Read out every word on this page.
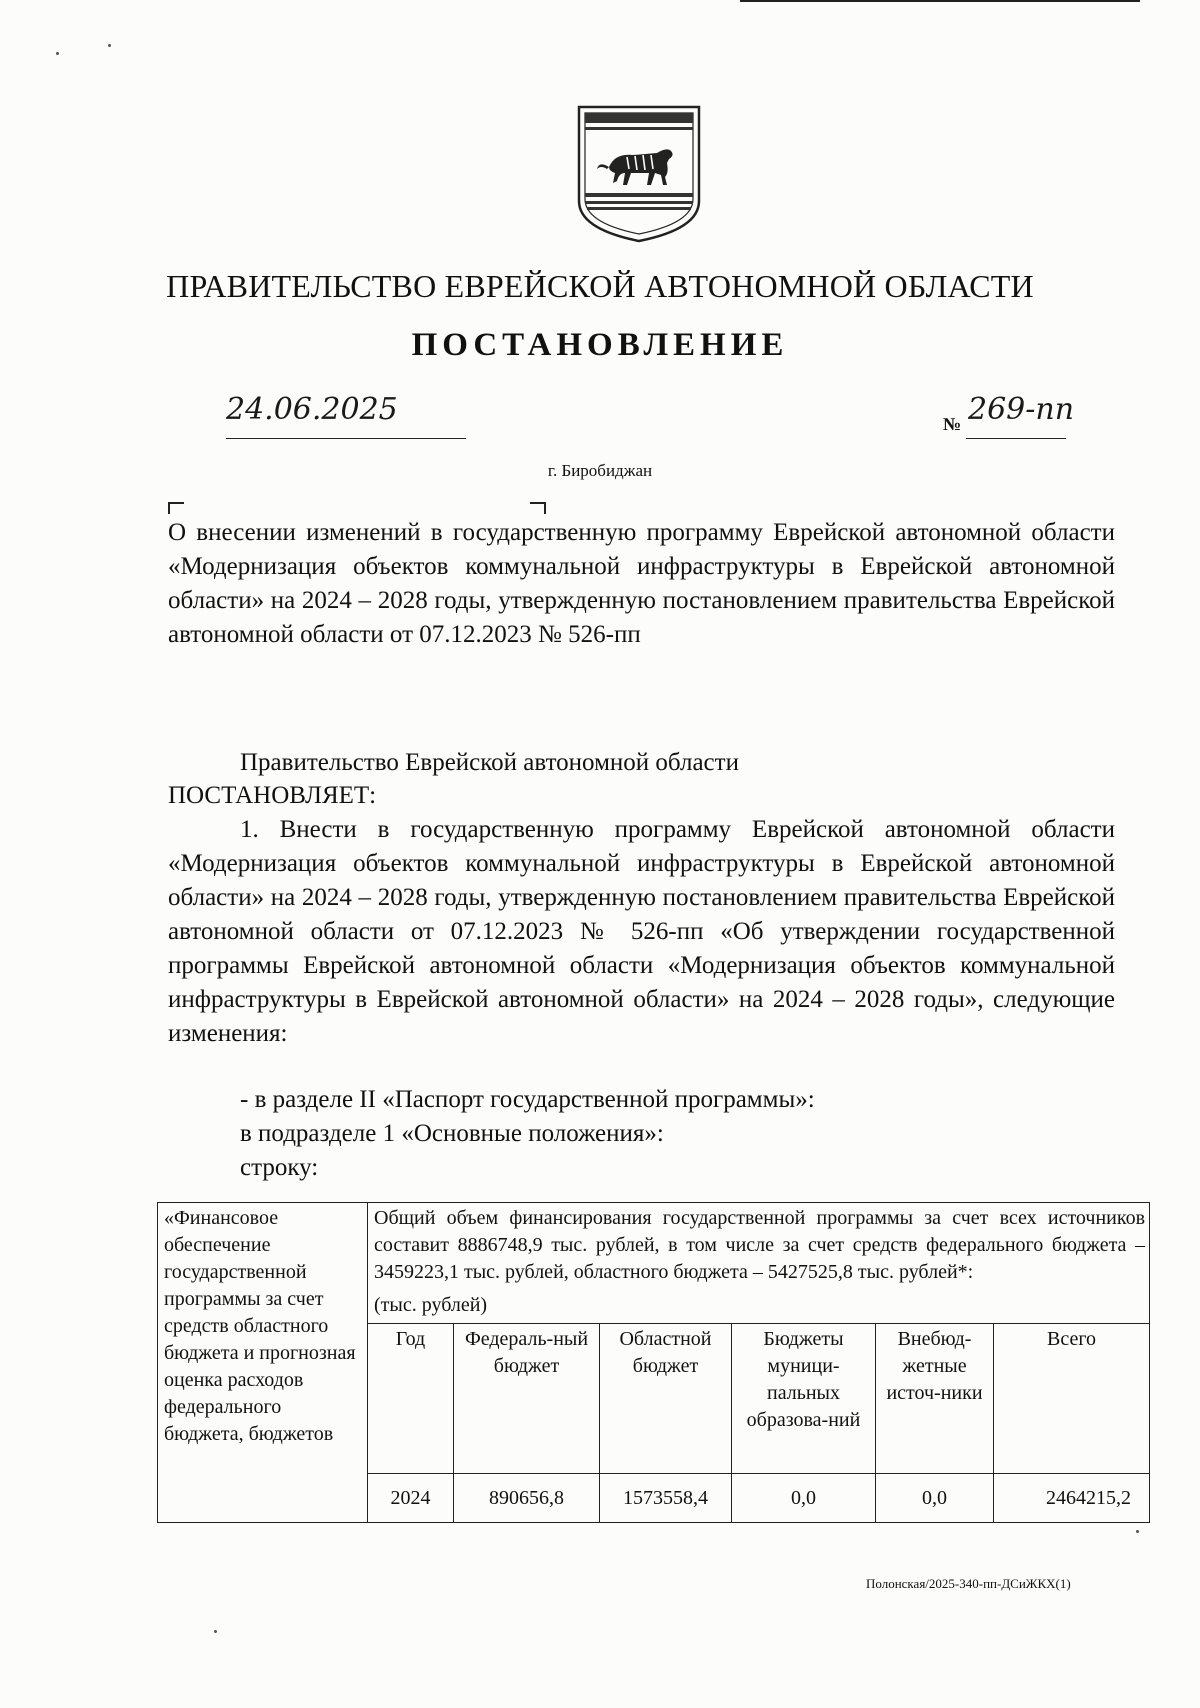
ПРАВИТЕЛЬСТВО ЕВРЕЙСКОЙ АВТОНОМНОЙ ОБЛАСТИ
ПОСТАНОВЛЕНИЕ
24.06.2025	№ 269-пп
г. Биробиджан
О внесении изменений в государственную программу Еврейской автономной области «Модернизация объектов коммунальной инфраструктуры в Еврейской автономной области» на 2024 – 2028 годы, утвержденную постановлением правительства Еврейской автономной области от 07.12.2023 № 526-пп
Правительство Еврейской автономной области
ПОСТАНОВЛЯЕТ:
1. Внести в государственную программу Еврейской автономной области «Модернизация объектов коммунальной инфраструктуры в Еврейской автономной области» на 2024 – 2028 годы, утвержденную постановлением правительства Еврейской автономной области от 07.12.2023 № 526-пп «Об утверждении государственной программы Еврейской автономной области «Модернизация объектов коммунальной инфраструктуры в Еврейской автономной области» на 2024 – 2028 годы», следующие изменения:
- в разделе II «Паспорт государственной программы»:
в подразделе 1 «Основные положения»:
строку:
«Финансовое обеспечение государственной программы за счет средств областного бюджета и прогнозная оценка расходов федерального бюджета, бюджетов	Общий объем финансирования государственной программы за счет всех источников составит 8886748,9 тыс. рублей, в том числе за счет средств федерального бюджета – 3459223,1 тыс. рублей, областного бюджета – 5427525,8 тыс. рублей*:
(тыс. рублей)					

	Год	Федераль-ный бюджет	Областной бюджет	Бюджеты муници-пальных образова-ний	Внебюд-жетные источ-ники	Всего
	2024	890656,8	1573558,4	0,0	0,0	2464215,2
Полонская/2025-340-пп-ДСиЖКХ(1)
